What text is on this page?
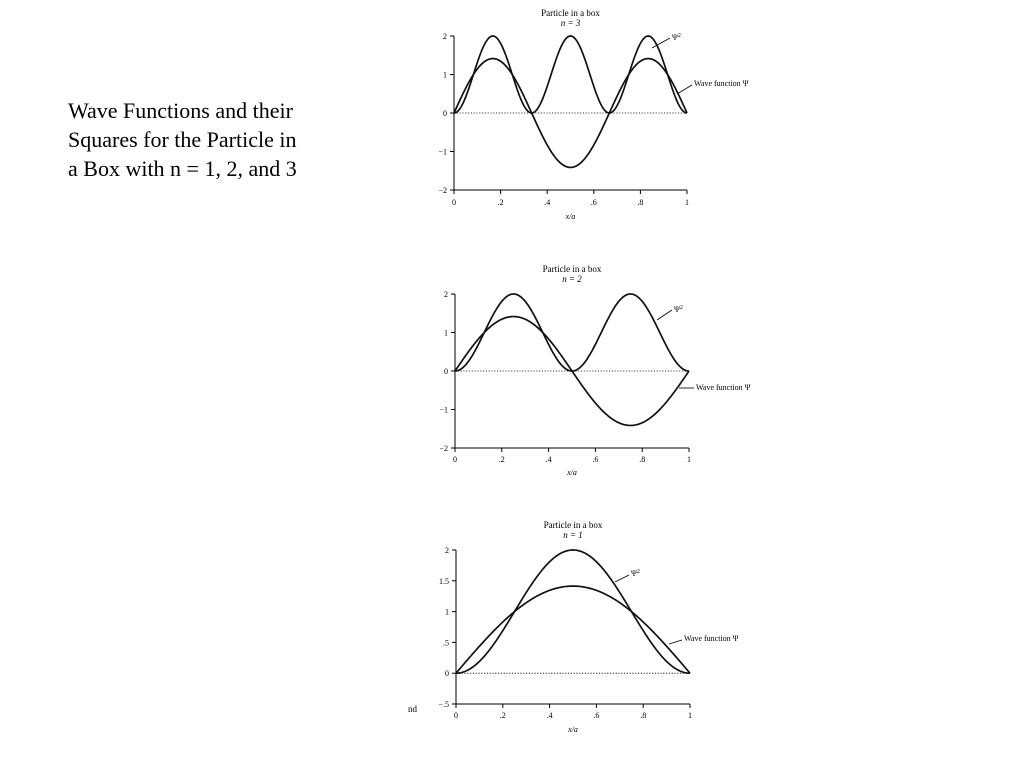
Wave Functions and their
Squares for the Particle in
a Box with n = 1, 2, and 3
Particle in a box
n = 3
2
1
0
−1
−2
0	.2	.4	.6	.8	1
x/a
$\Psi^2$
Wave function Ψ
Particle in a box
n = 2
2
1
0
−1
−2
0	.2	.4	.6	.8	1
x/a
$\Psi^2$
Wave function Ψ
Particle in a box
n = 1
2
1.5
1
.5
0
−.5
0	.2	.4	.6	.8	1
x/a
$\Psi^2$
Wave function Ψ
nd
